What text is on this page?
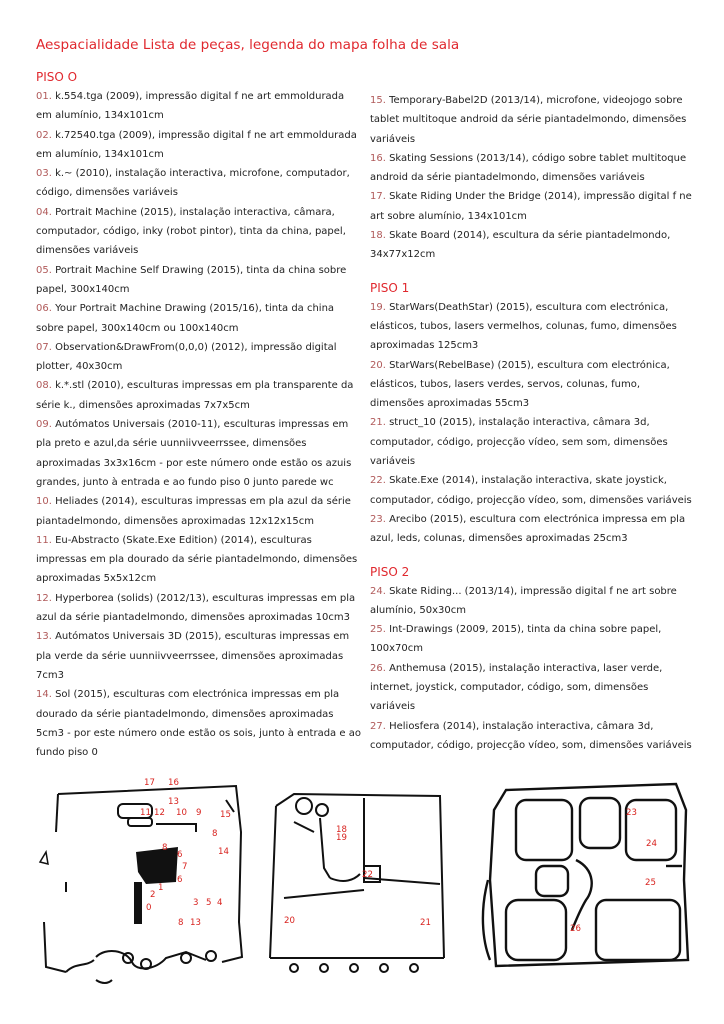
Aespacialidade Lista de peças, legenda do mapa folha de sala
PISO O

01. k.554.tga (2009), impressão digital f ne art emmoldurada em alumínio, 134x101cm

02. k.72540.tga (2009), impressão digital f ne art emmoldurada em alumínio, 134x101cm

03. k.~ (2010), instalação interactiva, microfone, computador, código, dimensões variáveis

04. Portrait Machine (2015), instalação interactiva, câmara, computador, código, inky (robot pintor), tinta da china, papel, dimensões variáveis

05. Portrait Machine Self Drawing (2015), tinta da china sobre papel, 300x140cm

06. Your Portrait Machine Drawing (2015/16), tinta da china sobre papel, 300x140cm ou 100x140cm

07. Observation&DrawFrom(0,0,0) (2012), impressão digital plotter, 40x30cm

08. k.*.stl (2010), esculturas impressas em pla transparente da série k., dimensões aproximadas 7x7x5cm

09. Autómatos Universais (2010-11), esculturas impressas em pla preto e azul,da série uunniivveerrssee, dimensões aproximadas 3x3x16cm - por este número onde estão os azuis grandes, junto à entrada e ao fundo piso 0 junto parede wc

10. Heliades (2014), esculturas impressas em pla azul da série piantadelmondo, dimensões aproximadas 12x12x15cm

11. Eu-Abstracto (Skate.Exe Edition) (2014), esculturas impressas em pla dourado da série piantadelmondo, dimensões aproximadas 5x5x12cm

12. Hyperborea (solids) (2012/13), esculturas impressas em pla azul da série piantadelmondo, dimensões aproximadas 10cm3

13. Autómatos Universais 3D (2015), esculturas impressas em pla verde da série uunniivveerrssee, dimensões aproximadas 7cm3

14. Sol (2015), esculturas com electrónica impressas em pla dourado da série piantadelmondo, dimensões aproximadas 5cm3 - por este número onde estão os sois, junto à entrada e ao fundo piso 0

15. Temporary-Babel2D (2013/14), microfone, videojogo sobre tablet multitoque android da série piantadelmondo, dimensões variáveis

16. Skating Sessions (2013/14), código sobre tablet multitoque android da série piantadelmondo, dimensões variáveis

17. Skate Riding Under the Bridge (2014), impressão digital f ne art sobre alumínio, 134x101cm

18. Skate Board (2014), escultura da série piantadelmondo, 34x77x12cm

PISO 1

19. StarWars(DeathStar) (2015), escultura com electrónica, elásticos, tubos, lasers vermelhos, colunas, fumo, dimensões aproximadas 125cm3

20. StarWars(RebelBase) (2015), escultura com electrónica, elásticos, tubos, lasers verdes, servos, colunas, fumo, dimensões aproximadas 55cm3

21. struct_10 (2015), instalação interactiva, câmara 3d, computador, código, projecção vídeo, sem som, dimensões variáveis

22. Skate.Exe (2014), instalação interactiva, skate joystick, computador, código, projecção vídeo, som, dimensões variáveis

23. Arecibo (2015), escultura com electrónica impressa em pla azul, leds, colunas, dimensões aproximadas 25cm3

PISO 2

24. Skate Riding... (2013/14), impressão digital f ne art sobre alumínio, 50x30cm

25. Int-Drawings (2009, 2015), tinta da china sobre papel, 100x70cm

26. Anthemusa (2015), instalação interactiva, laser verde, internet, joystick, computador, código, som, dimensões variáveis

27. Heliosfera (2014), instalação interactiva, câmara 3d, computador, código, projecção vídeo, som, dimensões variáveis

17 16
13
11 12 10 9 15
8
14
8
6
7
6
1
2
0	3 5 4
8 13
18
19
22
20	21
23
24
25
26
